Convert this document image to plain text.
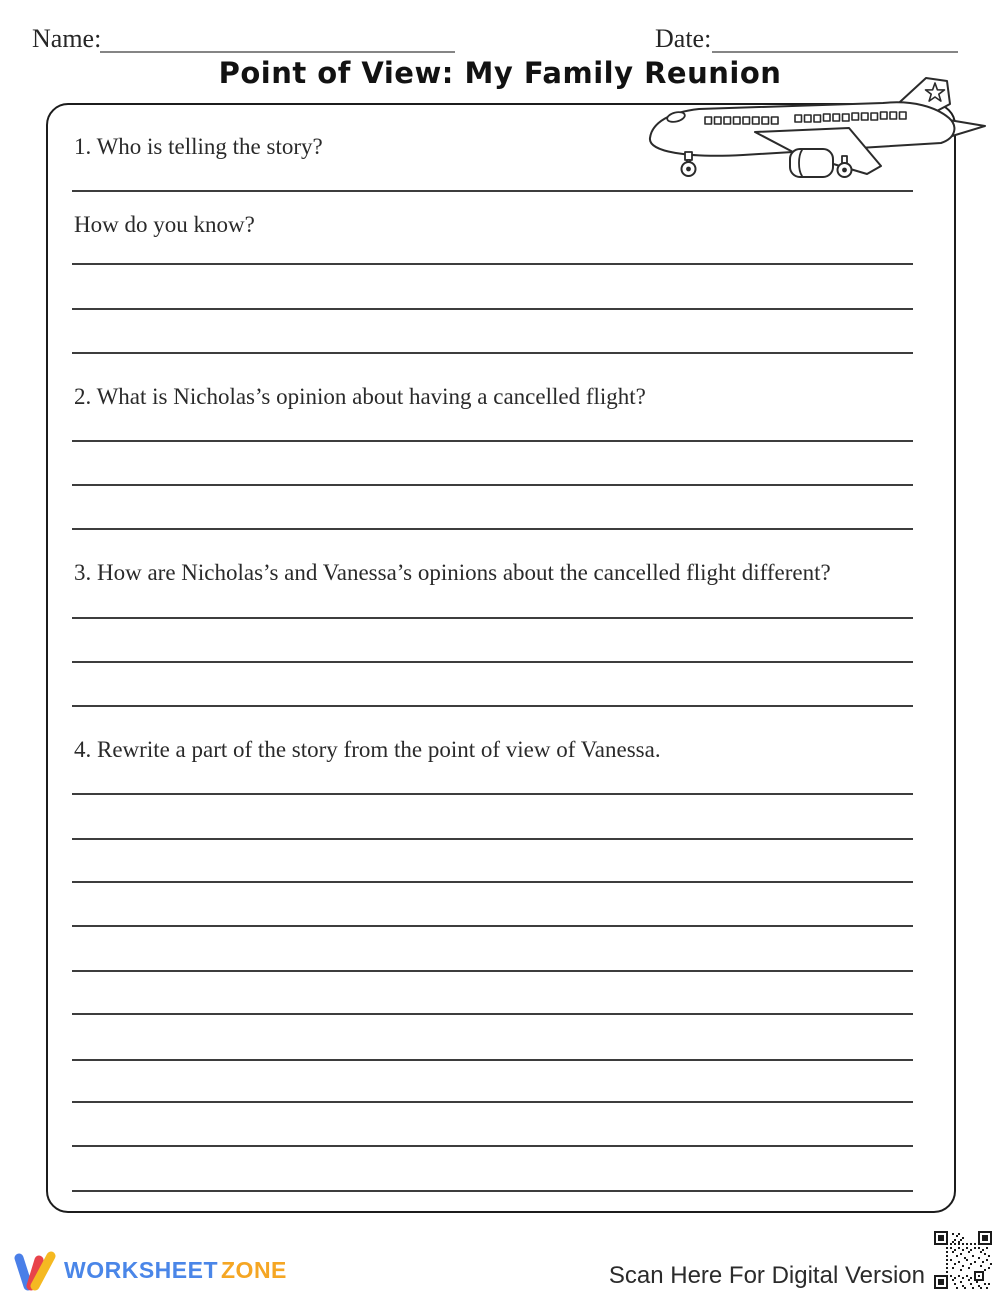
Name:	Date:
Point of View: My Family Reunion
1. Who is telling the story?
How do you know?
2. What is Nicholas’s opinion about having a cancelled flight?
3. How are Nicholas’s and Vanessa’s opinions about the cancelled flight different?
4. Rewrite a part of the story from the point of view of Vanessa.
WORKSHEET ZONE	Scan Here For Digital Version
